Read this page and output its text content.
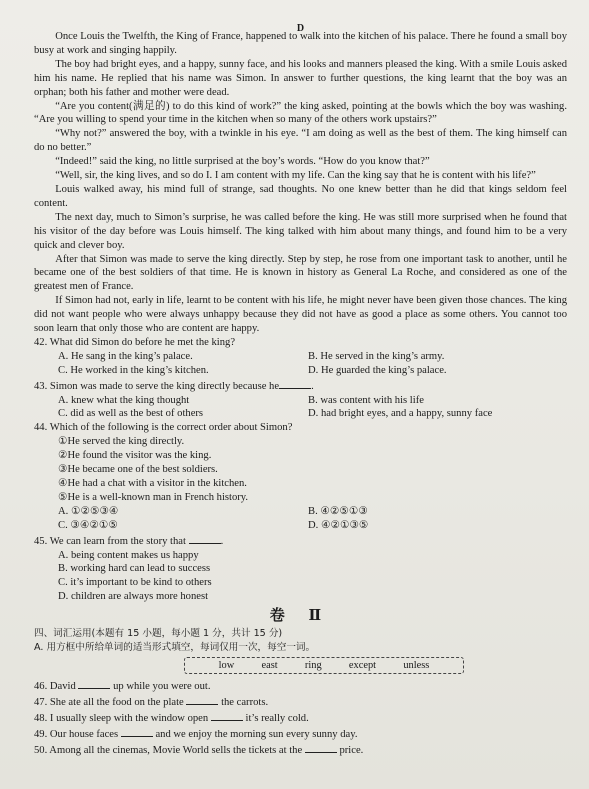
D

Once Louis the Twelfth, the King of France, happened to walk into the kitchen of his palace. There he found a small boy busy at work and singing happily.

The boy had bright eyes, and a happy, sunny face, and his looks and manners pleased the king. With a smile Louis asked him his name. He replied that his name was Simon. In answer to further questions, the king learnt that the boy was an orphan; both his father and mother were dead.

“Are you content(满足的) to do this kind of work?” the king asked, pointing at the bowls which the boy was washing. “Are you willing to spend your time in the kitchen when so many of the others work upstairs?”

“Why not?” answered the boy, with a twinkle in his eye. “I am doing as well as the best of them. The king himself can do no better.”

“Indeed!” said the king, no little surprised at the boy’s words. “How do you know that?”

“Well, sir, the king lives, and so do I. I am content with my life. Can the king say that he is content with his life?”

Louis walked away, his mind full of strange, sad thoughts. No one knew better than he did that kings seldom feel content.

The next day, much to Simon’s surprise, he was called before the king. He was still more surprised when he found that his visitor of the day before was Louis himself. The king talked with him about many things, and found him to be a very quick and clever boy.

After that Simon was made to serve the king directly. Step by step, he rose from one important task to another, until he became one of the best soldiers of that time. He is known in history as General La Roche, and considered as one of the greatest men of France.

If Simon had not, early in life, learnt to be content with his life, he might never have been given those chances. The king did not want people who were always unhappy because they did not have as good a place as some others. You cannot too soon learn that only those who are content are happy.

42. What did Simon do before he met the king?
A. He sang in the king’s palace.	B. He served in the king’s army.
C. He worked in the king’s kitchen.	D. He guarded the king’s palace.
43. Simon was made to serve the king directly because he	.
A. knew what the king thought	B. was content with his life
C. did as well as the best of others	D. had bright eyes, and a happy, sunny face
44. Which of the following is the correct order about Simon?
①He served the king directly.
②He found the visitor was the king.
③He became one of the best soldiers.
④He had a chat with a visitor in the kitchen.
⑤He is a well-known man in French history.
A. ①②⑤③④	B. ④②⑤①③
C. ③④②①⑤	D. ④②①③⑤
45. We can learn from the story that	.
A. being content makes us happy
B. working hard can lead to success
C. it’s important to be kind to others
D. children are always more honest
卷 Ⅱ
四、词汇运用(本题有 15 小题，每小题 1 分，共计 15 分)
A. 用方框中所给单词的适当形式填空，每词仅用一次，每空一词。
low	east	ring	except	unless
46. David	up while you were out.
47. She ate all the food on the plate	the carrots.
48. I usually sleep with the window open	it’s really cold.
49. Our house faces	and we enjoy the morning sun every sunny day.
50. Among all the cinemas, Movie World sells the tickets at the	price.
